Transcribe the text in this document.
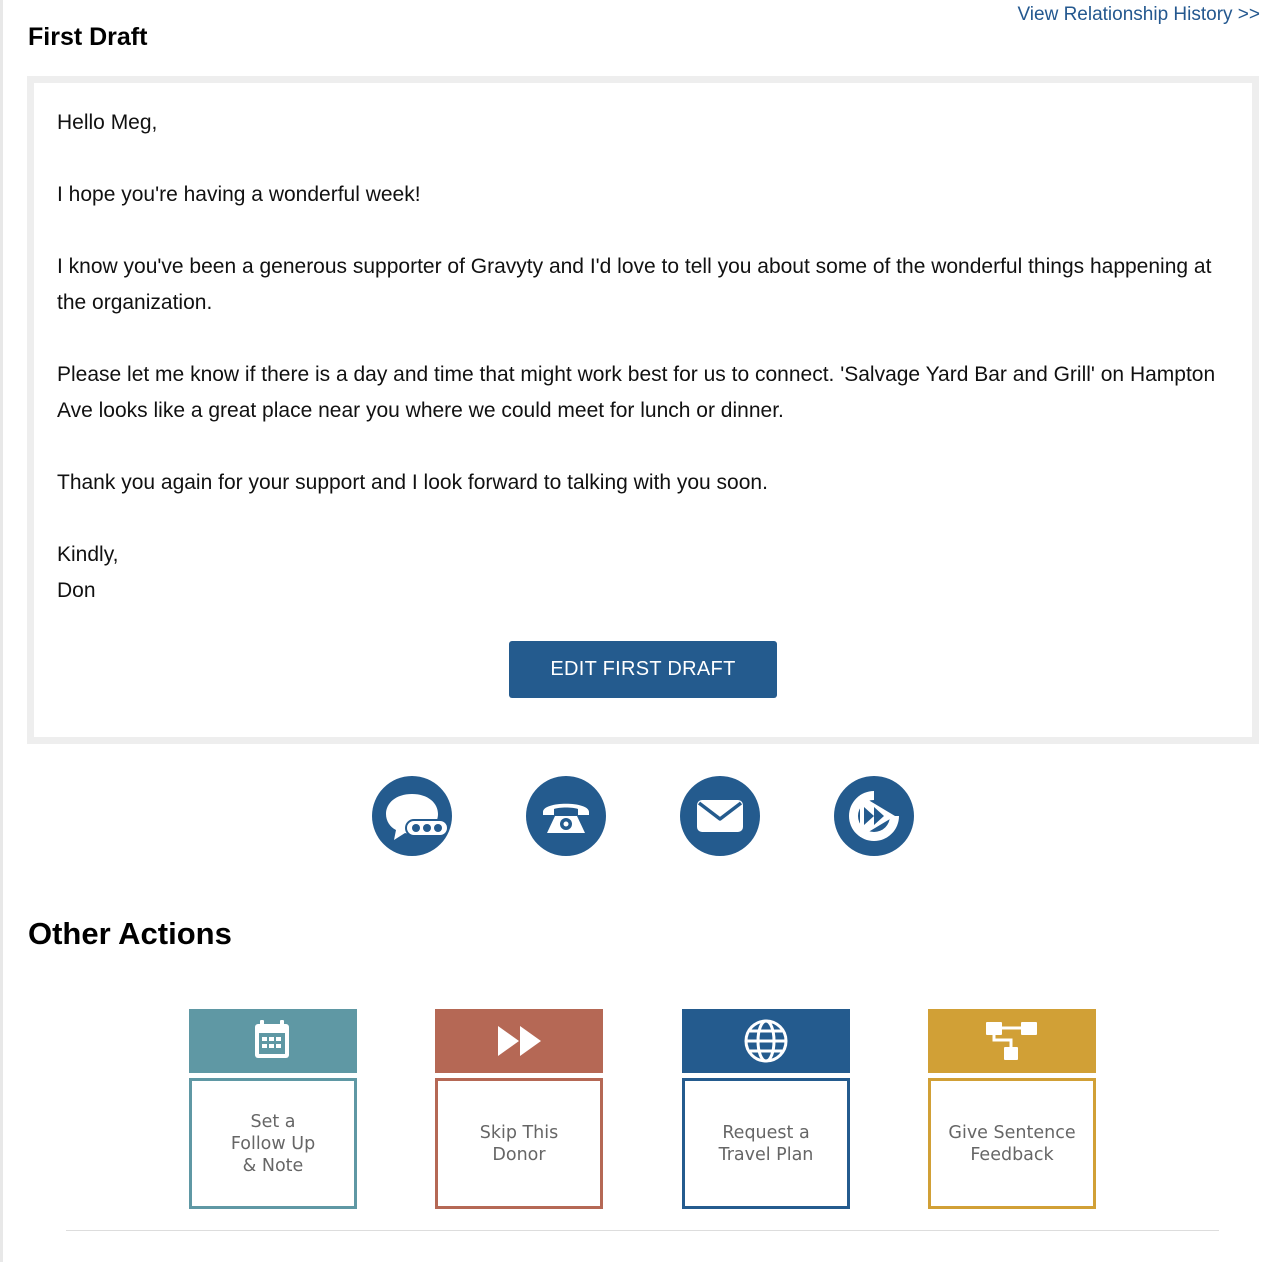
View Relationship History >>
First Draft

Hello Meg,

I hope you're having a wonderful week!

I know you've been a generous supporter of Gravyty and I'd love to tell you about some of the wonderful things happening at the organization.

Please let me know if there is a day and time that might work best for us to connect. 'Salvage Yard Bar and Grill' on Hampton Ave looks like a great place near you where we could meet for lunch or dinner.

Thank you again for your support and I look forward to talking with you soon.

Kindly,

Don

EDIT FIRST DRAFT
Other Actions
Set a Follow Up & Note
Skip This Donor
Request a Travel Plan
Give Sentence Feedback
